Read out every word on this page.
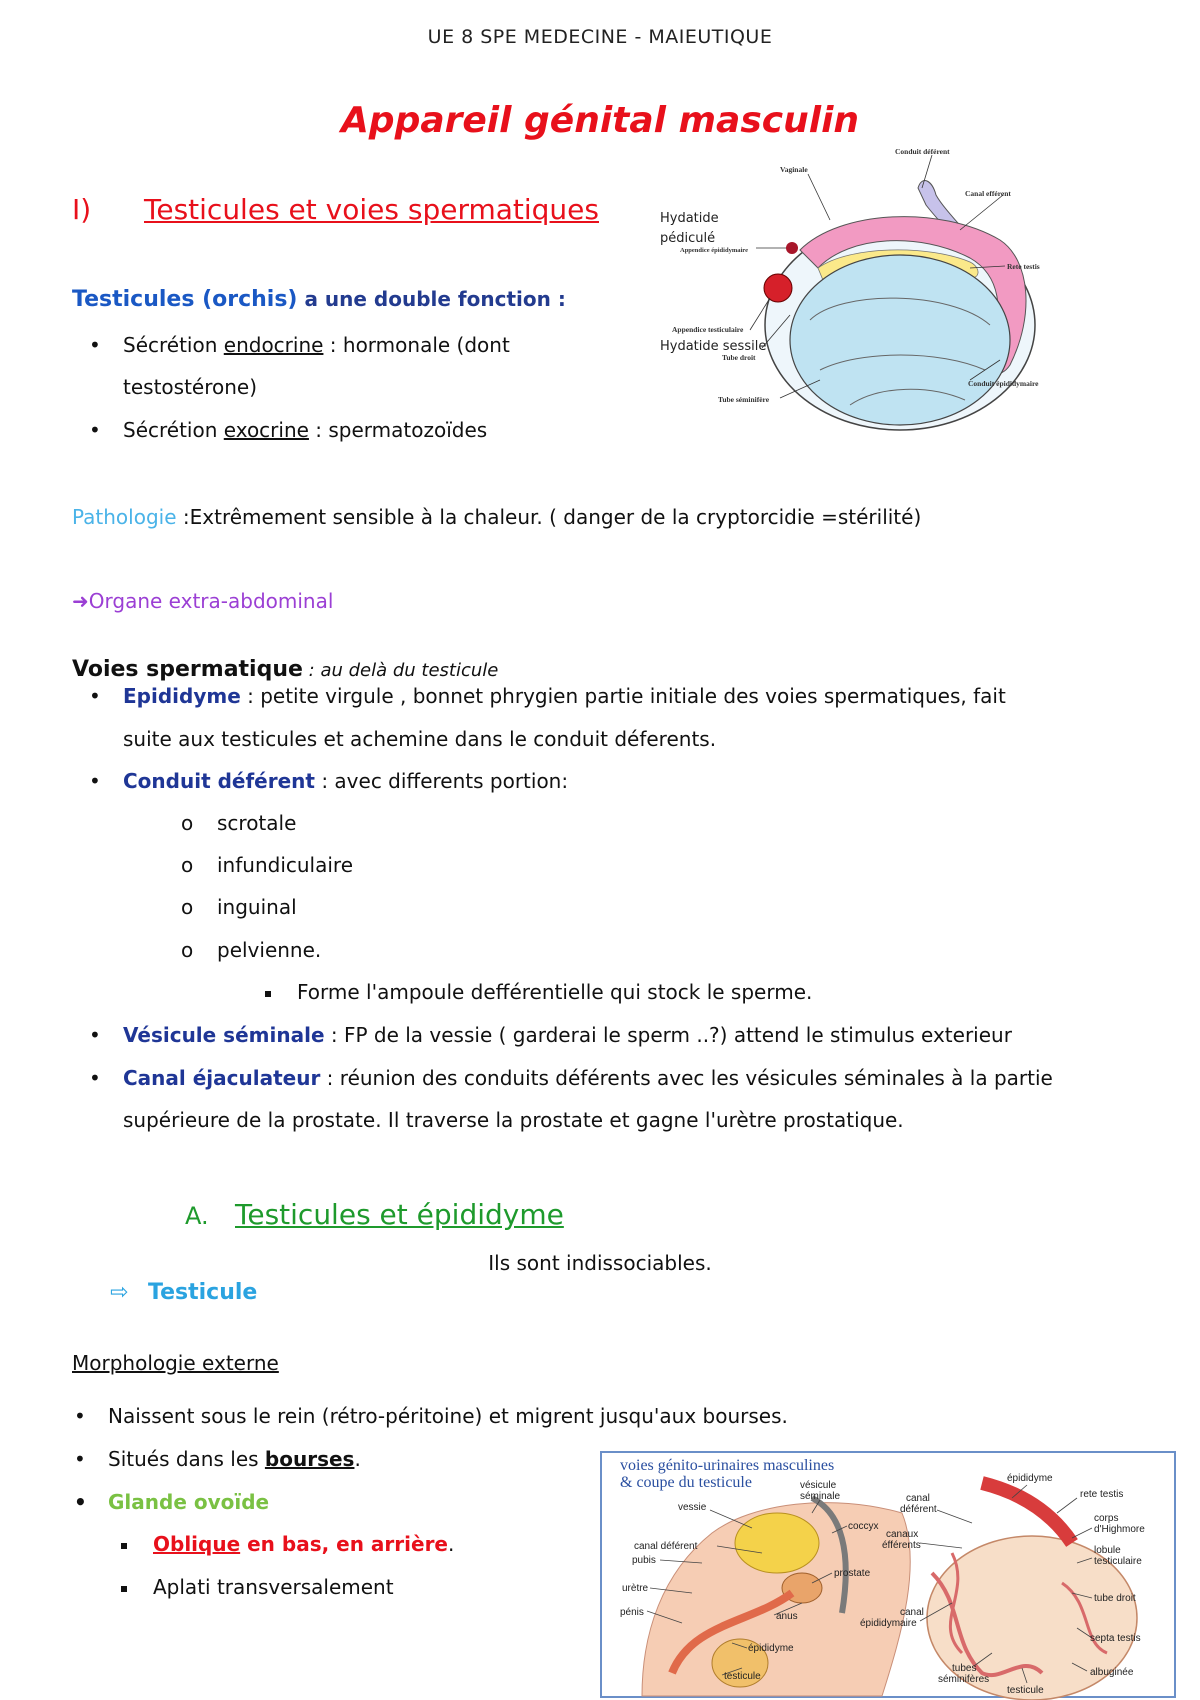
UE 8 SPE MEDECINE - MAIEUTIQUE
Appareil génital masculin
I) Testicules et voies spermatiques
Testicules (orchis) a une double fonction :
• Sécrétion endocrine : hormonale (dont
testostérone)
• Sécrétion exocrine : spermatozoïdes
Pathologie :Extrêmement sensible à la chaleur. ( danger de la cryptorcidie =stérilité)
➜Organe extra-abdominal
Voies spermatique : au delà du testicule
• Epididyme : petite virgule , bonnet phrygien partie initiale des voies spermatiques, fait
suite aux testicules et achemine dans le conduit déferents.
• Conduit déférent : avec differents portion:
o scrotale
o infundiculaire
o inguinal
o pelvienne.
Forme l'ampoule defférentielle qui stock le sperme.
• Vésicule séminale : FP de la vessie ( garderai le sperm ..?) attend le stimulus exterieur
• Canal éjaculateur : réunion des conduits déférents avec les vésicules séminales à la partie
supérieure de la prostate. Il traverse la prostate et gagne l'urètre prostatique.
A. Testicules et épididyme
Ils sont indissociables.
⇨ Testicule
Morphologie externe
• Naissent sous le rein (rétro-péritoine) et migrent jusqu'aux bourses.
• Situés dans les bourses.
• Glande ovoïde
Oblique en bas, en arrière.
Aplati transversalement
Conduit déférent
Vaginale
Canal efférent
Appendice épididymaire
Rete testis
Appendice testiculaire
Tube droit
Conduit épididymaire
Tube séminifère
Hydatide
pédiculé
Hydatide sessile
voies génito-urinaires masculines
& coupe du testicule
vessie
vésicule
séminale
coccyx
canal déférent
pubis
prostate
urètre
pénis	anus
épididyme
testicule
canal
déférent
canaux
éfférents
canal
épididymaire
tubes
séminifères
testicule
épididyme
rete testis
corps
d'Highmore
lobule
testiculaire
tube droit
septa testis
albuginée
